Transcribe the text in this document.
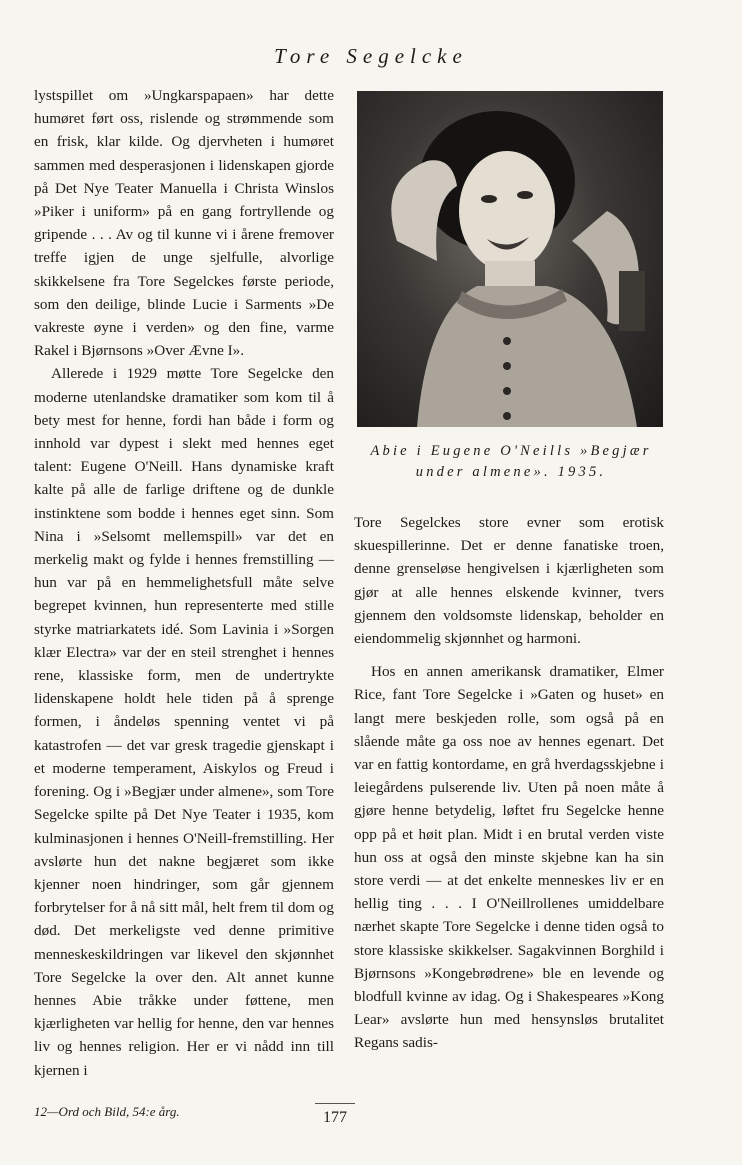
Tore Segelcke

lystspillet om »Ungkarspapaen» har dette humøret ført oss, rislende og strømmende som en frisk, klar kilde. Og djervheten i humøret sammen med desperasjonen i lidenskapen gjorde på Det Nye Teater Manuella i Christa Winslos »Piker i uniform» på en gang fortryllende og gripende . . . Av og til kunne vi i årene fremover treffe igjen de unge sjelfulle, alvorlige skikkelsene fra Tore Segelckes første periode, som den deilige, blinde Lucie i Sarments »De vakreste øyne i verden» og den fine, varme Rakel i Bjørnsons »Over Ævne I».

Allerede i 1929 møtte Tore Segelcke den moderne utenlandske dramatiker som kom til å bety mest for henne, fordi han både i form og innhold var dypest i slekt med hennes eget talent: Eugene O'Neill. Hans dynamiske kraft kalte på alle de farlige driftene og de dunkle instinktene som bodde i hennes eget sinn. Som Nina i »Selsomt mellemspill» var det en merkelig makt og fylde i hennes fremstilling — hun var på en hemmelighetsfull måte selve begrepet kvinnen, hun representerte med stille styrke matriarkatets idé. Som Lavinia i »Sorgen klær Electra» var der en steil strenghet i hennes rene, klassiske form, men de undertrykte lidenskapene holdt hele tiden på å sprenge formen, i åndeløs spenning ventet vi på katastrofen — det var gresk tragedie gjenskapt i et moderne temperament, Aiskylos og Freud i forening. Og i »Begjær under almene», som Tore Segelcke spilte på Det Nye Teater i 1935, kom kulminasjonen i hennes O'Neill-fremstilling. Her avslørte hun det nakne begjæret som ikke kjenner noen hindringer, som går gjennem forbrytelser for å nå sitt mål, helt frem til dom og død. Det merkeligste ved denne primitive menneskeskildringen var likevel den skjønnhet Tore Segelcke la over den. Alt annet kunne hennes Abie tråkke under føttene, men kjærligheten var hellig for henne, den var hennes liv og hennes religion. Her er vi nådd inn till kjernen i

Abie i Eugene O'Neills »Begjær under almene». 1935.

Tore Segelckes store evner som erotisk skuespillerinne. Det er denne fanatiske troen, denne grenseløse hengivelsen i kjærligheten som gjør at alle hennes elskende kvinner, tvers gjennem den voldsomste lidenskap, beholder en eiendommelig skjønnhet og harmoni.

Hos en annen amerikansk dramatiker, Elmer Rice, fant Tore Segelcke i »Gaten og huset» en langt mere beskjeden rolle, som også på en slående måte ga oss noe av hennes egenart. Det var en fattig kontordame, en grå hverdagsskjebne i leiegårdens pulserende liv. Uten på noen måte å gjøre henne betydelig, løftet fru Segelcke henne opp på et høit plan. Midt i en brutal verden viste hun oss at også den minste skjebne kan ha sin store verdi — at det enkelte menneskes liv er en hellig ting . . . I O'Neillrollenes umiddelbare nærhet skapte Tore Segelcke i denne tiden også to store klassiske skikkelser. Sagakvinnen Borghild i Bjørnsons »Kongebrødrene» ble en levende og blodfull kvinne av idag. Og i Shakespeares »Kong Lear» avslørte hun med hensynsløs brutalitet Regans sadis-

12—Ord och Bild, 54:e årg.	177
